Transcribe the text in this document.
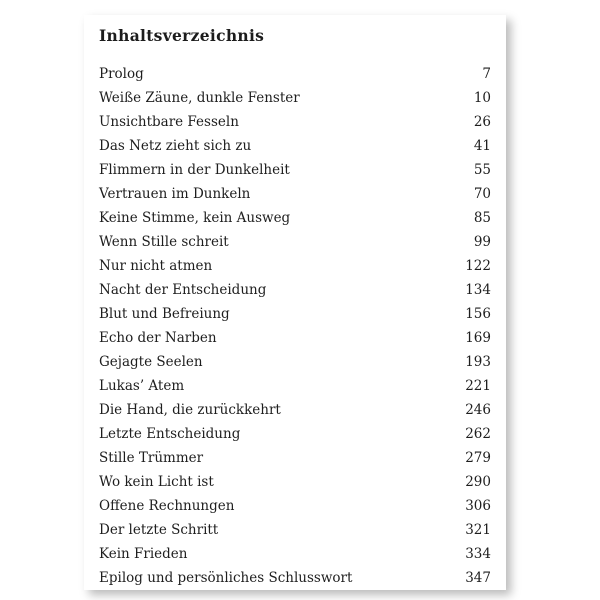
Inhaltsverzeichnis
Prolog	7
Weiße Zäune, dunkle Fenster	10
Unsichtbare Fesseln	26
Das Netz zieht sich zu	41
Flimmern in der Dunkelheit	55
Vertrauen im Dunkeln	70
Keine Stimme, kein Ausweg	85
Wenn Stille schreit	99
Nur nicht atmen	122
Nacht der Entscheidung	134
Blut und Befreiung	156
Echo der Narben	169
Gejagte Seelen	193
Lukas’ Atem	221
Die Hand, die zurückkehrt	246
Letzte Entscheidung	262
Stille Trümmer	279
Wo kein Licht ist	290
Offene Rechnungen	306
Der letzte Schritt	321
Kein Frieden	334
Epilog und persönliches Schlusswort	347
